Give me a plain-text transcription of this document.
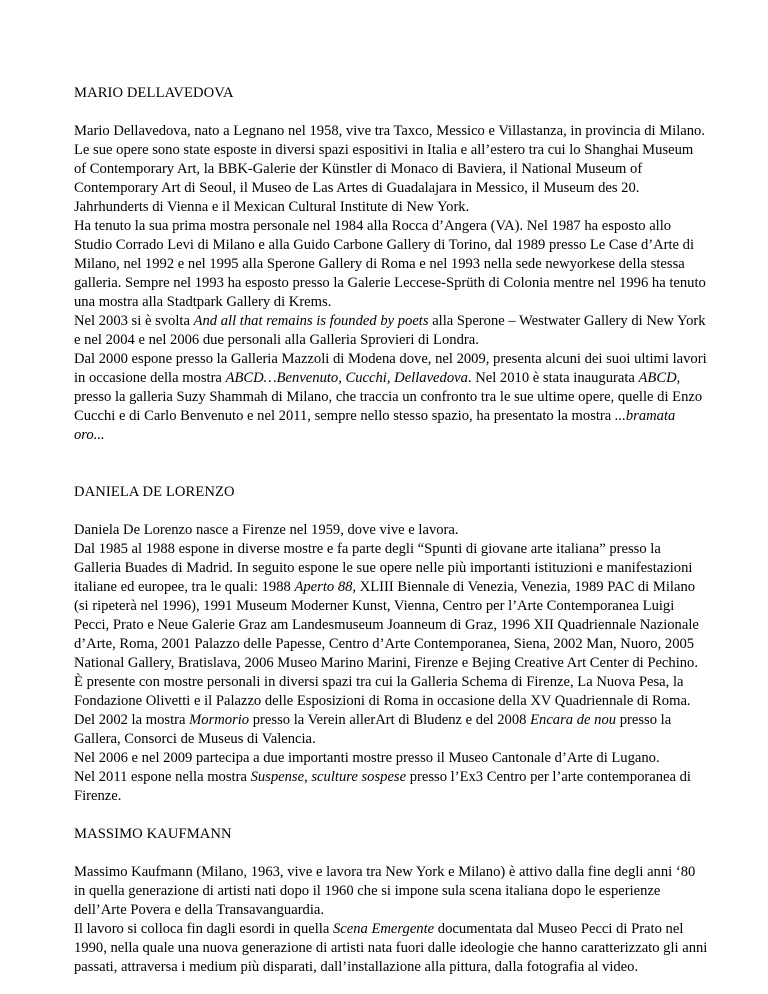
MARIO DELLAVEDOVA

Mario Dellavedova, nato a Legnano nel 1958, vive tra Taxco, Messico e Villastanza, in provincia di Milano.

Le sue opere sono state esposte in diversi spazi espositivi in Italia e all’estero tra cui lo Shanghai Museum of Contemporary Art, la BBK-Galerie der Künstler di Monaco di Baviera, il National Museum of Contemporary Art di Seoul, il Museo de Las Artes di Guadalajara in Messico, il Museum des 20. Jahrhunderts di Vienna e il Mexican Cultural Institute di New York.

Ha tenuto la sua prima mostra personale nel 1984 alla Rocca d’Angera (VA). Nel 1987 ha esposto allo Studio Corrado Levi di Milano e alla Guido Carbone Gallery di Torino, dal 1989 presso Le Case d’Arte di Milano, nel 1992 e nel 1995 alla Sperone Gallery di Roma e nel 1993 nella sede newyorkese della stessa galleria. Sempre nel 1993 ha esposto presso la Galerie Leccese-Sprüth di Colonia mentre nel 1996 ha tenuto una mostra alla Stadtpark Gallery di Krems.

Nel 2003 si è svolta And all that remains is founded by poets alla Sperone – Westwater Gallery di New York e nel 2004 e nel 2006 due personali alla Galleria Sprovieri di Londra.

Dal 2000 espone presso la Galleria Mazzoli di Modena dove, nel 2009, presenta alcuni dei suoi ultimi lavori in occasione della mostra ABCD…Benvenuto, Cucchi, Dellavedova. Nel 2010 è stata inaugurata ABCD, presso la galleria Suzy Shammah di Milano, che traccia un confronto tra le sue ultime opere, quelle di Enzo Cucchi e di Carlo Benvenuto e nel 2011, sempre nello stesso spazio, ha presentato la mostra ...bramata oro...

DANIELA DE LORENZO

Daniela De Lorenzo nasce a Firenze nel 1959, dove vive e lavora.

Dal 1985 al 1988 espone in diverse mostre e fa parte degli “Spunti di giovane arte italiana” presso la Galleria Buades di Madrid. In seguito espone le sue opere nelle più importanti istituzioni e manifestazioni italiane ed europee, tra le quali: 1988 Aperto 88, XLIII Biennale di Venezia, Venezia, 1989 PAC di Milano (si ripeterà nel 1996), 1991 Museum Moderner Kunst, Vienna, Centro per l’Arte Contemporanea Luigi Pecci, Prato e Neue Galerie Graz am Landesmuseum Joanneum di Graz, 1996 XII Quadriennale Nazionale d’Arte, Roma, 2001 Palazzo delle Papesse, Centro d’Arte Contemporanea, Siena, 2002 Man, Nuoro, 2005 National Gallery, Bratislava, 2006 Museo Marino Marini, Firenze e Bejing Creative Art Center di Pechino.

È presente con mostre personali in diversi spazi tra cui la Galleria Schema di Firenze, La Nuova Pesa, la Fondazione Olivetti e il Palazzo delle Esposizioni di Roma in occasione della XV Quadriennale di Roma.

Del 2002 la mostra Mormorio presso la Verein allerArt di Bludenz e del 2008 Encara de nou presso la Gallera, Consorci de Museus di Valencia.

Nel 2006 e nel 2009 partecipa a due importanti mostre presso il Museo Cantonale d’Arte di Lugano.

Nel 2011 espone nella mostra Suspense, sculture sospese presso l’Ex3 Centro per l’arte contemporanea di Firenze.

MASSIMO KAUFMANN

Massimo Kaufmann (Milano, 1963, vive e lavora tra New York e Milano) è attivo dalla fine degli anni ‘80 in quella generazione di artisti nati dopo il 1960 che si impone sula scena italiana dopo le esperienze dell’Arte Povera e della Transavanguardia.

Il lavoro si colloca fin dagli esordi in quella Scena Emergente documentata dal Museo Pecci di Prato nel 1990, nella quale una nuova generazione di artisti nata fuori dalle ideologie che hanno caratterizzato gli anni passati, attraversa i medium più disparati, dall’installazione alla pittura, dalla fotografia al video.
